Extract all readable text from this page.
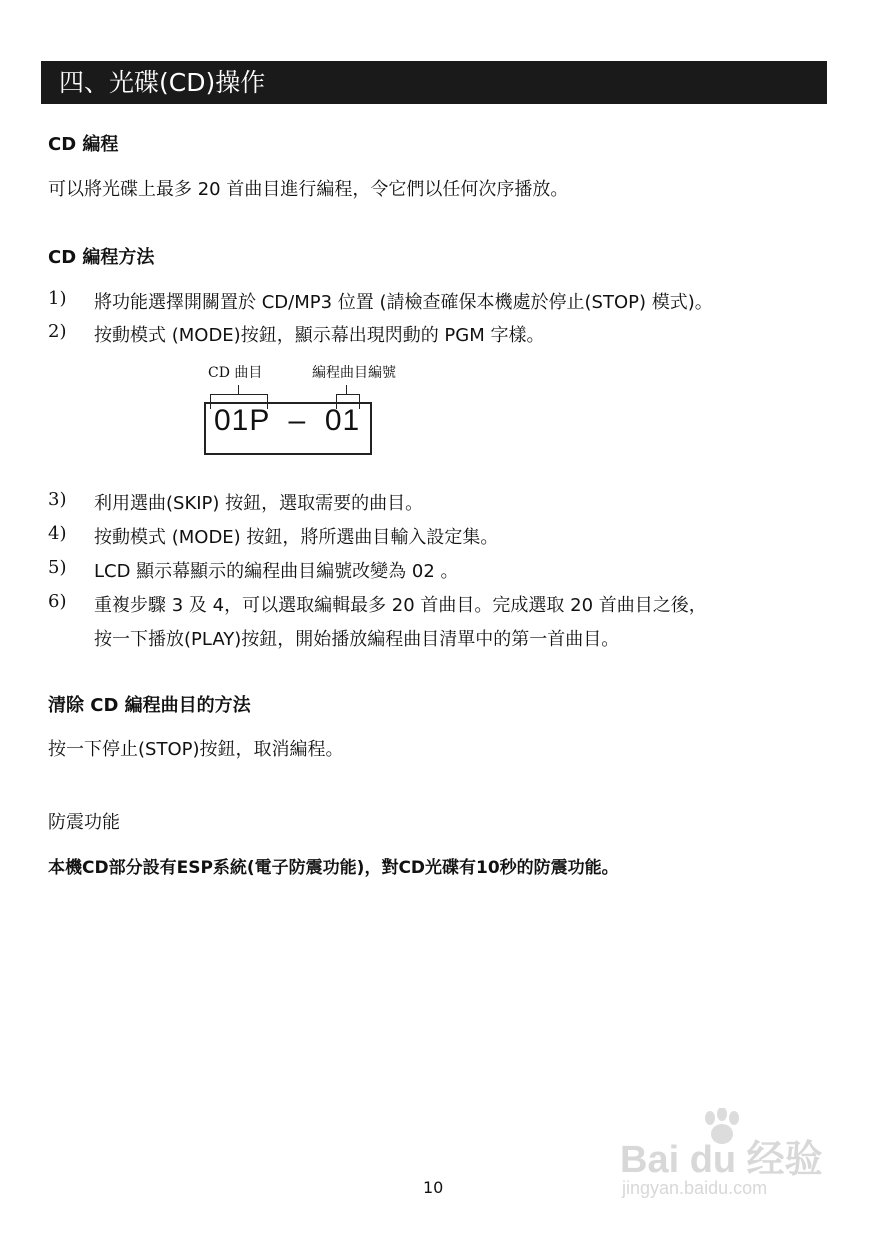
四、光碟(CD)操作
CD 編程
可以將光碟上最多 20 首曲目進行編程，令它們以任何次序播放。
CD 編程方法
1) 將功能選擇開關置於 CD/MP3 位置 (請檢查確保本機處於停止(STOP) 模式)。
2) 按動模式 (MODE)按鈕，顯示幕出現閃動的 PGM 字樣。
CD 曲目	編程曲目編號
01P  –  01
3) 利用選曲(SKIP) 按鈕，選取需要的曲目。
4) 按動模式 (MODE) 按鈕，將所選曲目輸入設定集。
5) LCD 顯示幕顯示的編程曲目編號改變為 02 。
6) 重複步驟 3 及 4，可以選取編輯最多 20 首曲目。完成選取 20 首曲目之後，
按一下播放(PLAY)按鈕，開始播放編程曲目清單中的第一首曲目。
清除 CD 編程曲目的方法
按一下停止(STOP)按鈕，取消編程。
防震功能
本機CD部分設有ESP系統(電子防震功能)，對CD光碟有10秒的防震功能。
10
Bai du 经验
jingyan.baidu.com
